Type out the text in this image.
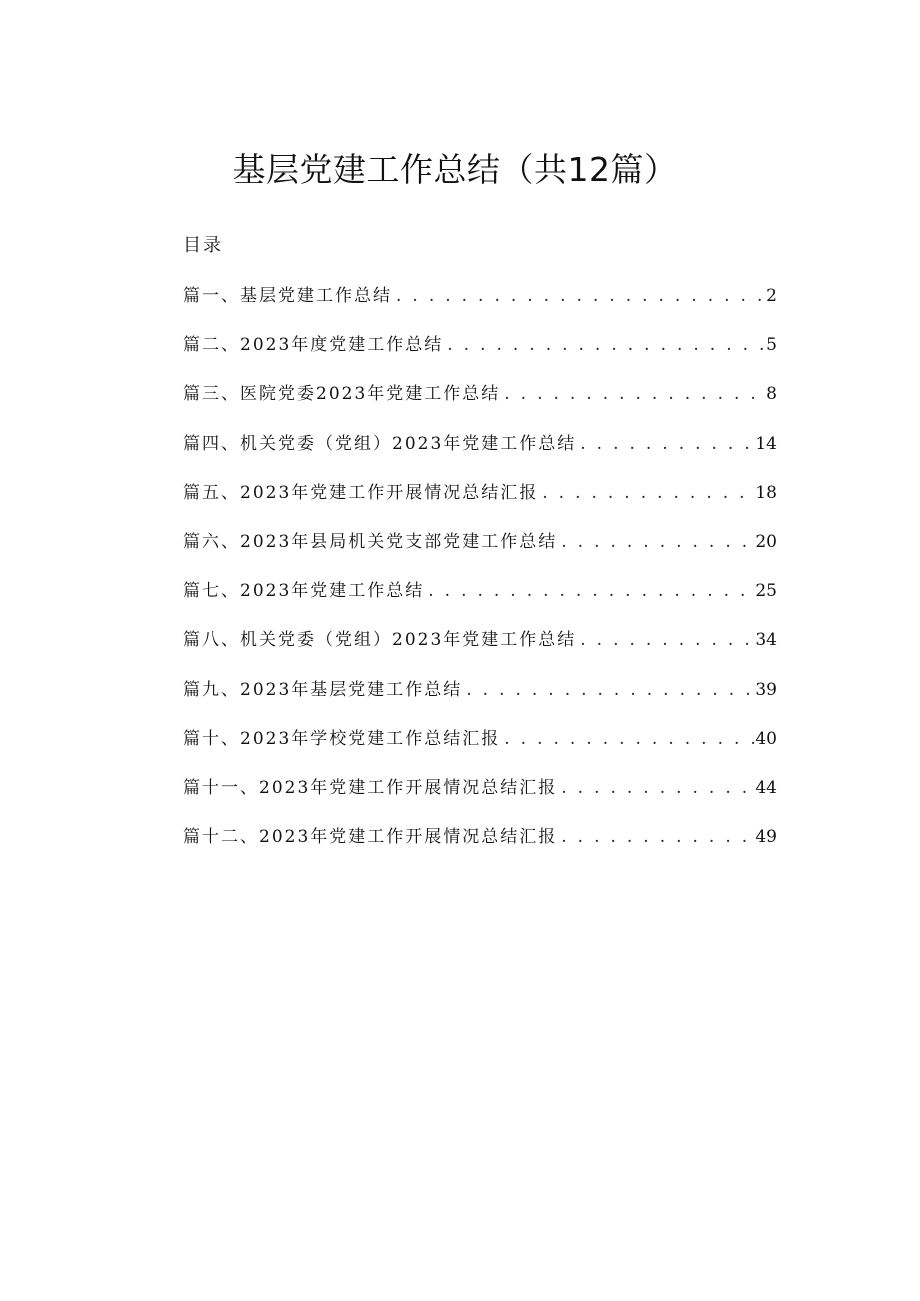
基层党建工作总结（共12篇）
目录
篇一、基层党建工作总结 . . .	2
篇二、2023年度党建工作总结 . . .	5
篇三、医院党委2023年党建工作总结 . . .	8
篇四、机关党委（党组）2023年党建工作总结 . . .	14
篇五、2023年党建工作开展情况总结汇报 . . .	18
篇六、2023年县局机关党支部党建工作总结 . . .	20
篇七、2023年党建工作总结 . . .	25
篇八、机关党委（党组）2023年党建工作总结 . . .	34
篇九、2023年基层党建工作总结 . . .	39
篇十、2023年学校党建工作总结汇报 . . .	40
篇十一、2023年党建工作开展情况总结汇报 . . .	44
篇十二、2023年党建工作开展情况总结汇报 . . .	49
